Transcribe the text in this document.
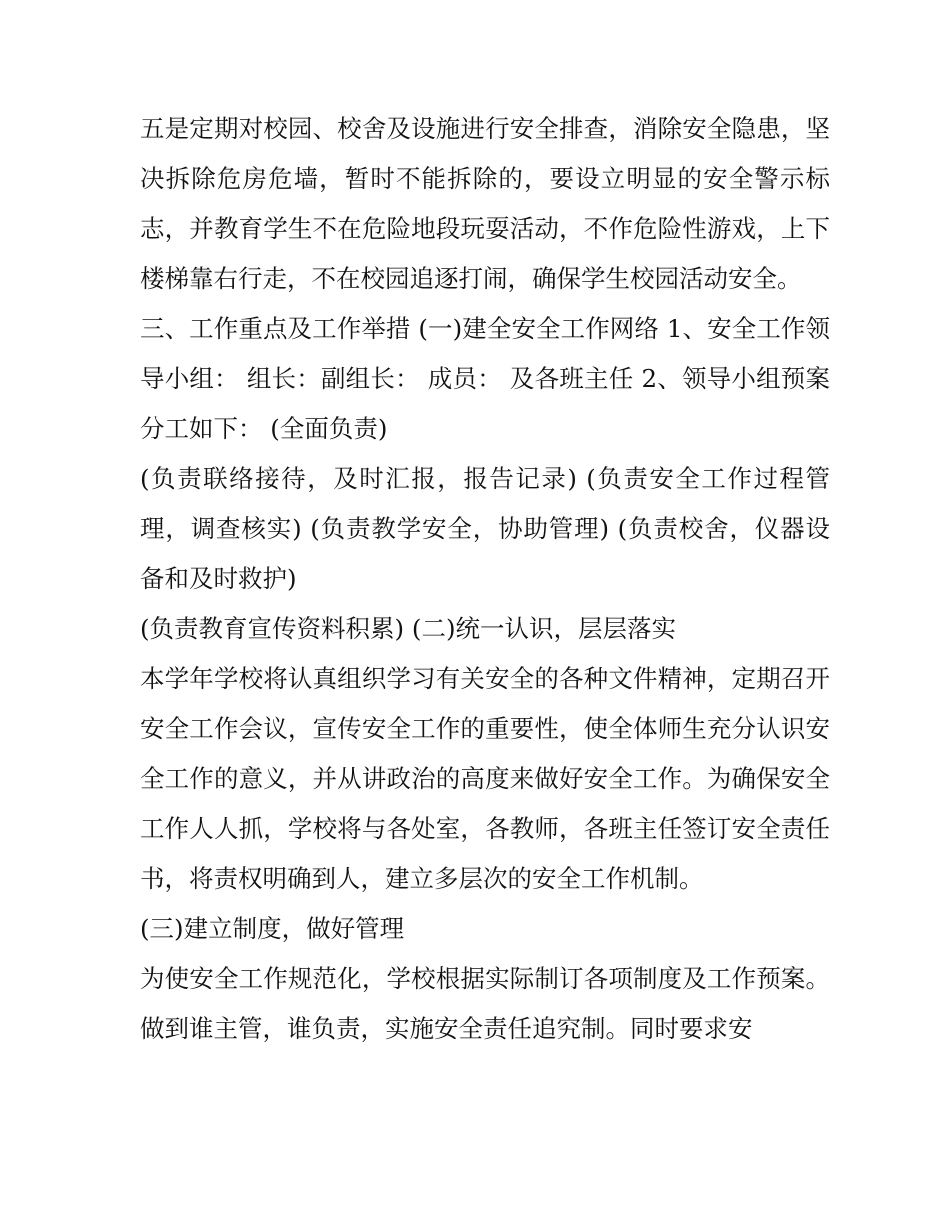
五是定期对校园、校舍及设施进行安全排查，消除安全隐患，坚决拆除危房危墙，暂时不能拆除的，要设立明显的安全警示标志，并教育学生不在危险地段玩耍活动，不作危险性游戏，上下楼梯靠右行走，不在校园追逐打闹，确保学生校园活动安全。

三、工作重点及工作举措 (一)建全安全工作网络 1、安全工作领导小组： 组长：副组长： 成员： 及各班主任 2、领导小组预案分工如下： (全面负责)

(负责联络接待，及时汇报，报告记录) (负责安全工作过程管理，调查核实) (负责教学安全，协助管理) (负责校舍，仪器设备和及时救护)

(负责教育宣传资料积累) (二)统一认识，层层落实

本学年学校将认真组织学习有关安全的各种文件精神，定期召开安全工作会议，宣传安全工作的重要性，使全体师生充分认识安全工作的意义，并从讲政治的高度来做好安全工作。为确保安全工作人人抓，学校将与各处室，各教师，各班主任签订安全责任书，将责权明确到人，建立多层次的安全工作机制。

(三)建立制度，做好管理

为使安全工作规范化，学校根据实际制订各项制度及工作预案。做到谁主管，谁负责，实施安全责任追究制。同时要求安
